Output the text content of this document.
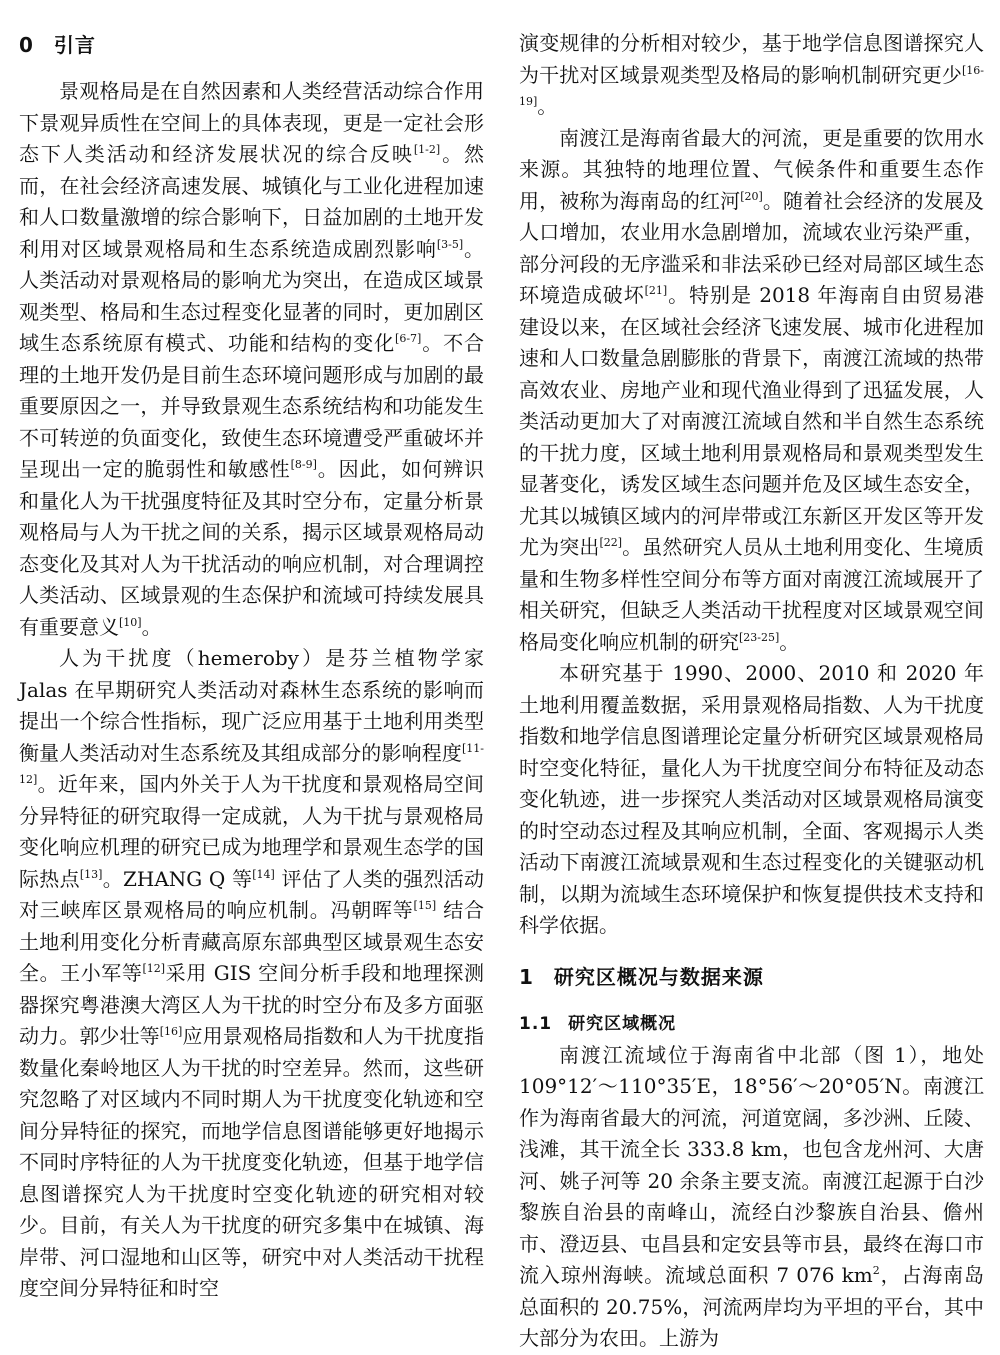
0 引言

景观格局是在自然因素和人类经营活动综合作用下景观异质性在空间上的具体表现，更是一定社会形态下人类活动和经济发展状况的综合反映[1-2]。然而，在社会经济高速发展、城镇化与工业化进程加速和人口数量激增的综合影响下，日益加剧的土地开发利用对区域景观格局和生态系统造成剧烈影响[3-5]。人类活动对景观格局的影响尤为突出，在造成区域景观类型、格局和生态过程变化显著的同时，更加剧区域生态系统原有模式、功能和结构的变化[6-7]。不合理的土地开发仍是目前生态环境问题形成与加剧的最重要原因之一，并导致景观生态系统结构和功能发生不可转逆的负面变化，致使生态环境遭受严重破坏并呈现出一定的脆弱性和敏感性[8-9]。因此，如何辨识和量化人为干扰强度特征及其时空分布，定量分析景观格局与人为干扰之间的关系，揭示区域景观格局动态变化及其对人为干扰活动的响应机制，对合理调控人类活动、区域景观的生态保护和流域可持续发展具有重要意义[10]。

人为干扰度（hemeroby）是芬兰植物学家 Jalas 在早期研究人类活动对森林生态系统的影响而提出一个综合性指标，现广泛应用基于土地利用类型衡量人类活动对生态系统及其组成部分的影响程度[11-12]。近年来，国内外关于人为干扰度和景观格局空间分异特征的研究取得一定成就，人为干扰与景观格局变化响应机理的研究已成为地理学和景观生态学的国际热点[13]。ZHANG Q 等[14] 评估了人类的强烈活动对三峡库区景观格局的响应机制。冯朝晖等[15] 结合土地利用变化分析青藏高原东部典型区域景观生态安全。王小军等[12]采用 GIS 空间分析手段和地理探测器探究粤港澳大湾区人为干扰的时空分布及多方面驱动力。郭少壮等[16]应用景观格局指数和人为干扰度指数量化秦岭地区人为干扰的时空差异。然而，这些研究忽略了对区域内不同时期人为干扰度变化轨迹和空间分异特征的探究，而地学信息图谱能够更好地揭示不同时序特征的人为干扰度变化轨迹，但基于地学信息图谱探究人为干扰度时空变化轨迹的研究相对较少。目前，有关人为干扰度的研究多集中在城镇、海岸带、河口湿地和山区等，研究中对人类活动干扰程度空间分异特征和时空

演变规律的分析相对较少，基于地学信息图谱探究人为干扰对区域景观类型及格局的影响机制研究更少[16-19]。

南渡江是海南省最大的河流，更是重要的饮用水来源。其独特的地理位置、气候条件和重要生态作用，被称为海南岛的红河[20]。随着社会经济的发展及人口增加，农业用水急剧增加，流域农业污染严重，部分河段的无序滥采和非法采砂已经对局部区域生态环境造成破坏[21]。特别是 2018 年海南自由贸易港建设以来，在区域社会经济飞速发展、城市化进程加速和人口数量急剧膨胀的背景下，南渡江流域的热带高效农业、房地产业和现代渔业得到了迅猛发展，人类活动更加大了对南渡江流域自然和半自然生态系统的干扰力度，区域土地利用景观格局和景观类型发生显著变化，诱发区域生态问题并危及区域生态安全，尤其以城镇区域内的河岸带或江东新区开发区等开发尤为突出[22]。虽然研究人员从土地利用变化、生境质量和生物多样性空间分布等方面对南渡江流域展开了相关研究，但缺乏人类活动干扰程度对区域景观空间格局变化响应机制的研究[23-25]。

本研究基于 1990、2000、2010 和 2020 年土地利用覆盖数据，采用景观格局指数、人为干扰度指数和地学信息图谱理论定量分析研究区域景观格局时空变化特征，量化人为干扰度空间分布特征及动态变化轨迹，进一步探究人类活动对区域景观格局演变的时空动态过程及其响应机制，全面、客观揭示人类活动下南渡江流域景观和生态过程变化的关键驱动机制，以期为流域生态环境保护和恢复提供技术支持和科学依据。

1 研究区概况与数据来源
1.1 研究区域概况

南渡江流域位于海南省中北部（图 1），地处 109°12′～110°35′E，18°56′～20°05′N。南渡江作为海南省最大的河流，河道宽阔，多沙洲、丘陵、浅滩，其干流全长 333.8 km，也包含龙州河、大唐河、姚子河等 20 余条主要支流。南渡江起源于白沙黎族自治县的南峰山，流经白沙黎族自治县、儋州市、澄迈县、屯昌县和定安县等市县，最终在海口市流入琼州海峡。流域总面积 7 076 $km^2$，占海南岛总面积的 20.75%，河流两岸均为平坦的平台，其中大部分为农田。上游为
